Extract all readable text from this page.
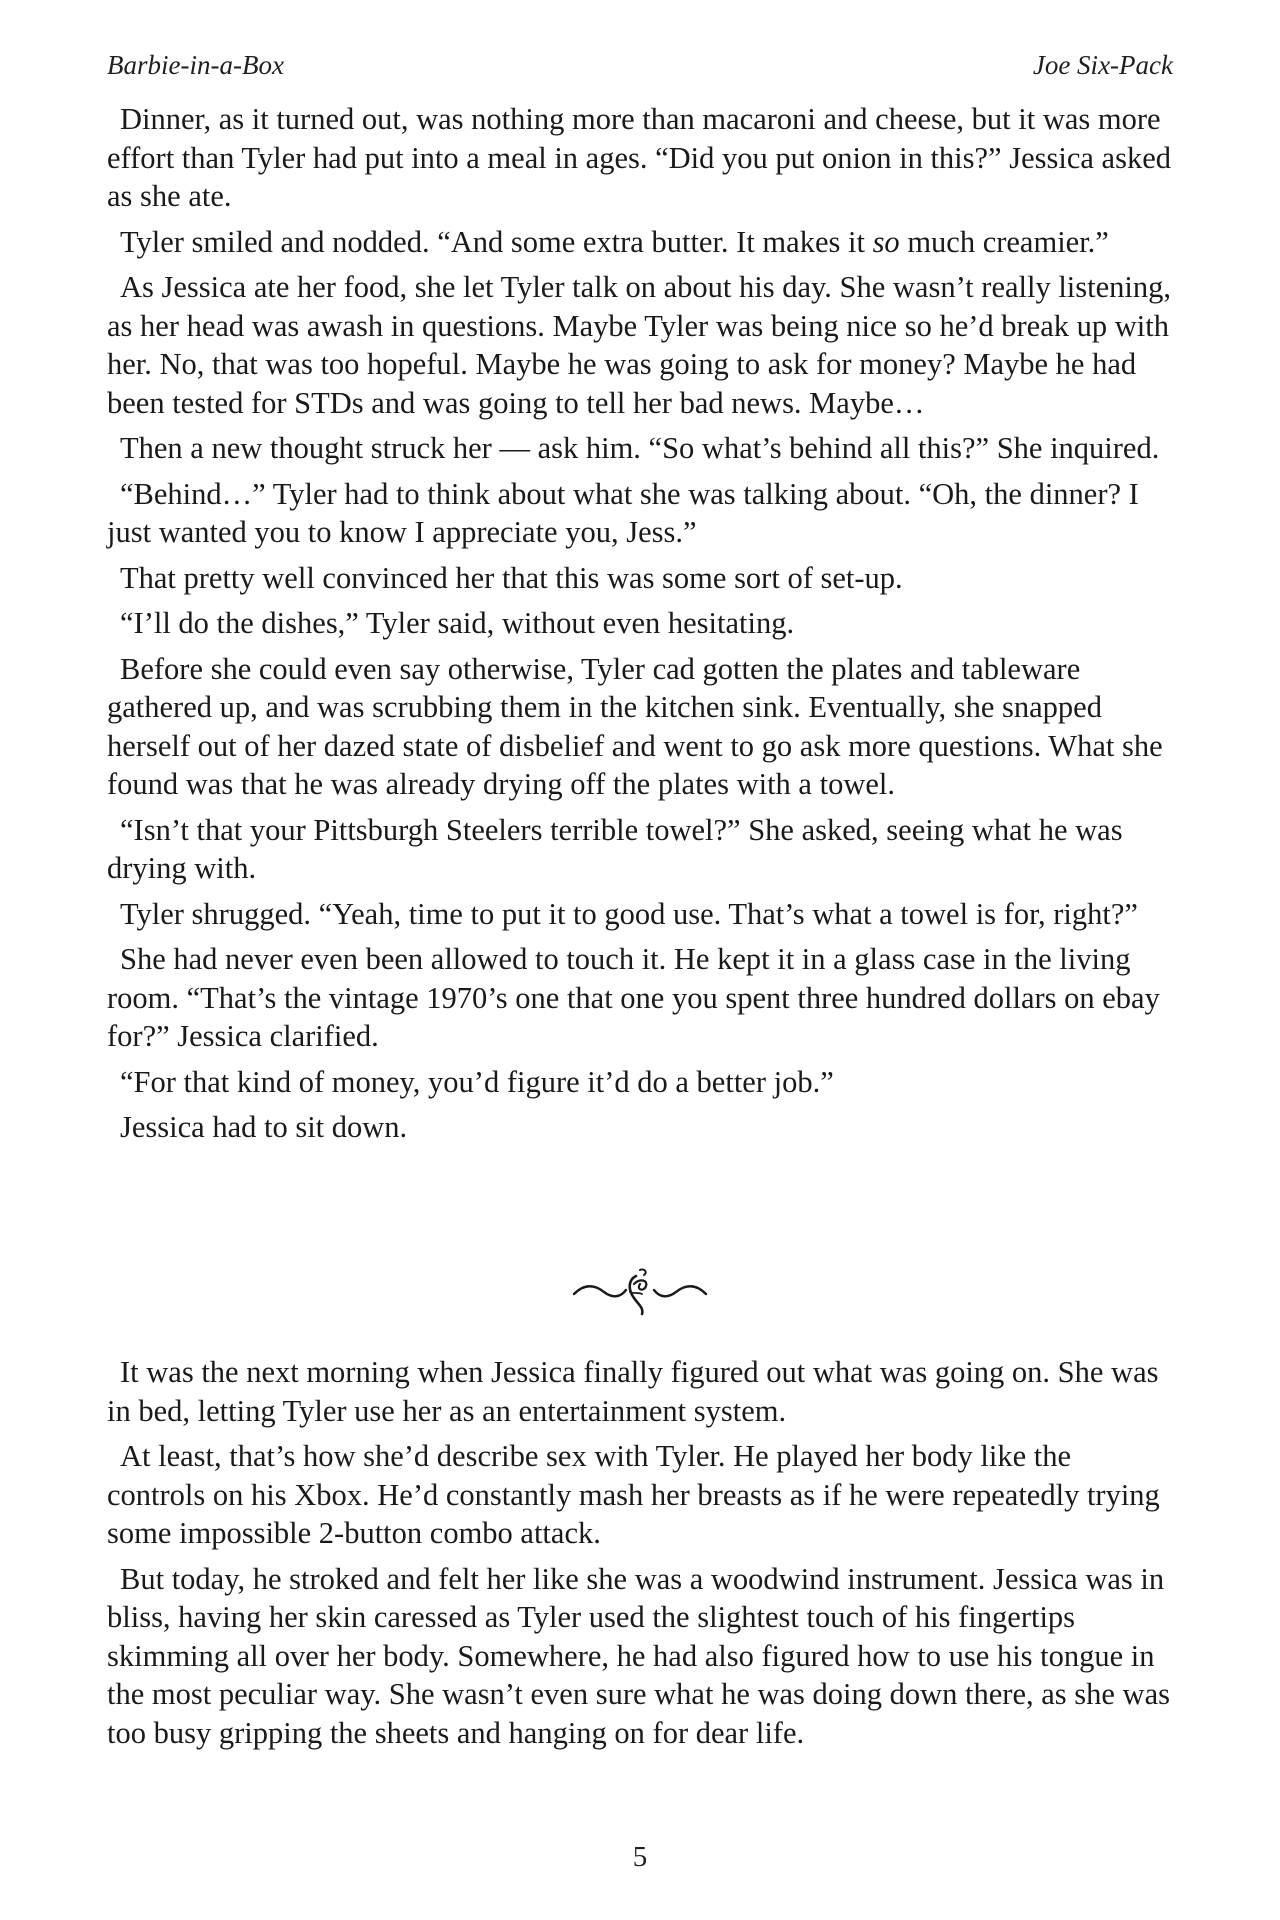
Barbie-in-a-Box	Joe Six-Pack

Dinner, as it turned out, was nothing more than macaroni and cheese, but it was more effort than Tyler had put into a meal in ages. “Did you put onion in this?” Jessica asked as she ate.

Tyler smiled and nodded. “And some extra butter. It makes it so much creamier.”

As Jessica ate her food, she let Tyler talk on about his day. She wasn’t really listening, as her head was awash in questions. Maybe Tyler was being nice so he’d break up with her. No, that was too hopeful. Maybe he was going to ask for money? Maybe he had been tested for STDs and was going to tell her bad news. Maybe…

Then a new thought struck her — ask him. “So what’s behind all this?” She inquired.

“Behind…” Tyler had to think about what she was talking about. “Oh, the dinner? I just wanted you to know I appreciate you, Jess.”

That pretty well convinced her that this was some sort of set-up.

“I’ll do the dishes,” Tyler said, without even hesitating.

Before she could even say otherwise, Tyler cad gotten the plates and tableware gathered up, and was scrubbing them in the kitchen sink. Eventually, she snapped herself out of her dazed state of disbelief and went to go ask more questions. What she found was that he was already drying off the plates with a towel.

“Isn’t that your Pittsburgh Steelers terrible towel?” She asked, seeing what he was drying with.

Tyler shrugged. “Yeah, time to put it to good use. That’s what a towel is for, right?”

She had never even been allowed to touch it. He kept it in a glass case in the living room. “That’s the vintage 1970’s one that one you spent three hundred dollars on ebay for?” Jessica clarified.

“For that kind of money, you’d figure it’d do a better job.”

Jessica had to sit down.

It was the next morning when Jessica finally figured out what was going on. She was in bed, letting Tyler use her as an entertainment system.

At least, that’s how she’d describe sex with Tyler. He played her body like the controls on his Xbox. He’d constantly mash her breasts as if he were repeatedly trying some impossible 2-button combo attack.

But today, he stroked and felt her like she was a woodwind instrument. Jessica was in bliss, having her skin caressed as Tyler used the slightest touch of his fingertips skimming all over her body. Somewhere, he had also figured how to use his tongue in the most peculiar way. She wasn’t even sure what he was doing down there, as she was too busy gripping the sheets and hanging on for dear life.

5
